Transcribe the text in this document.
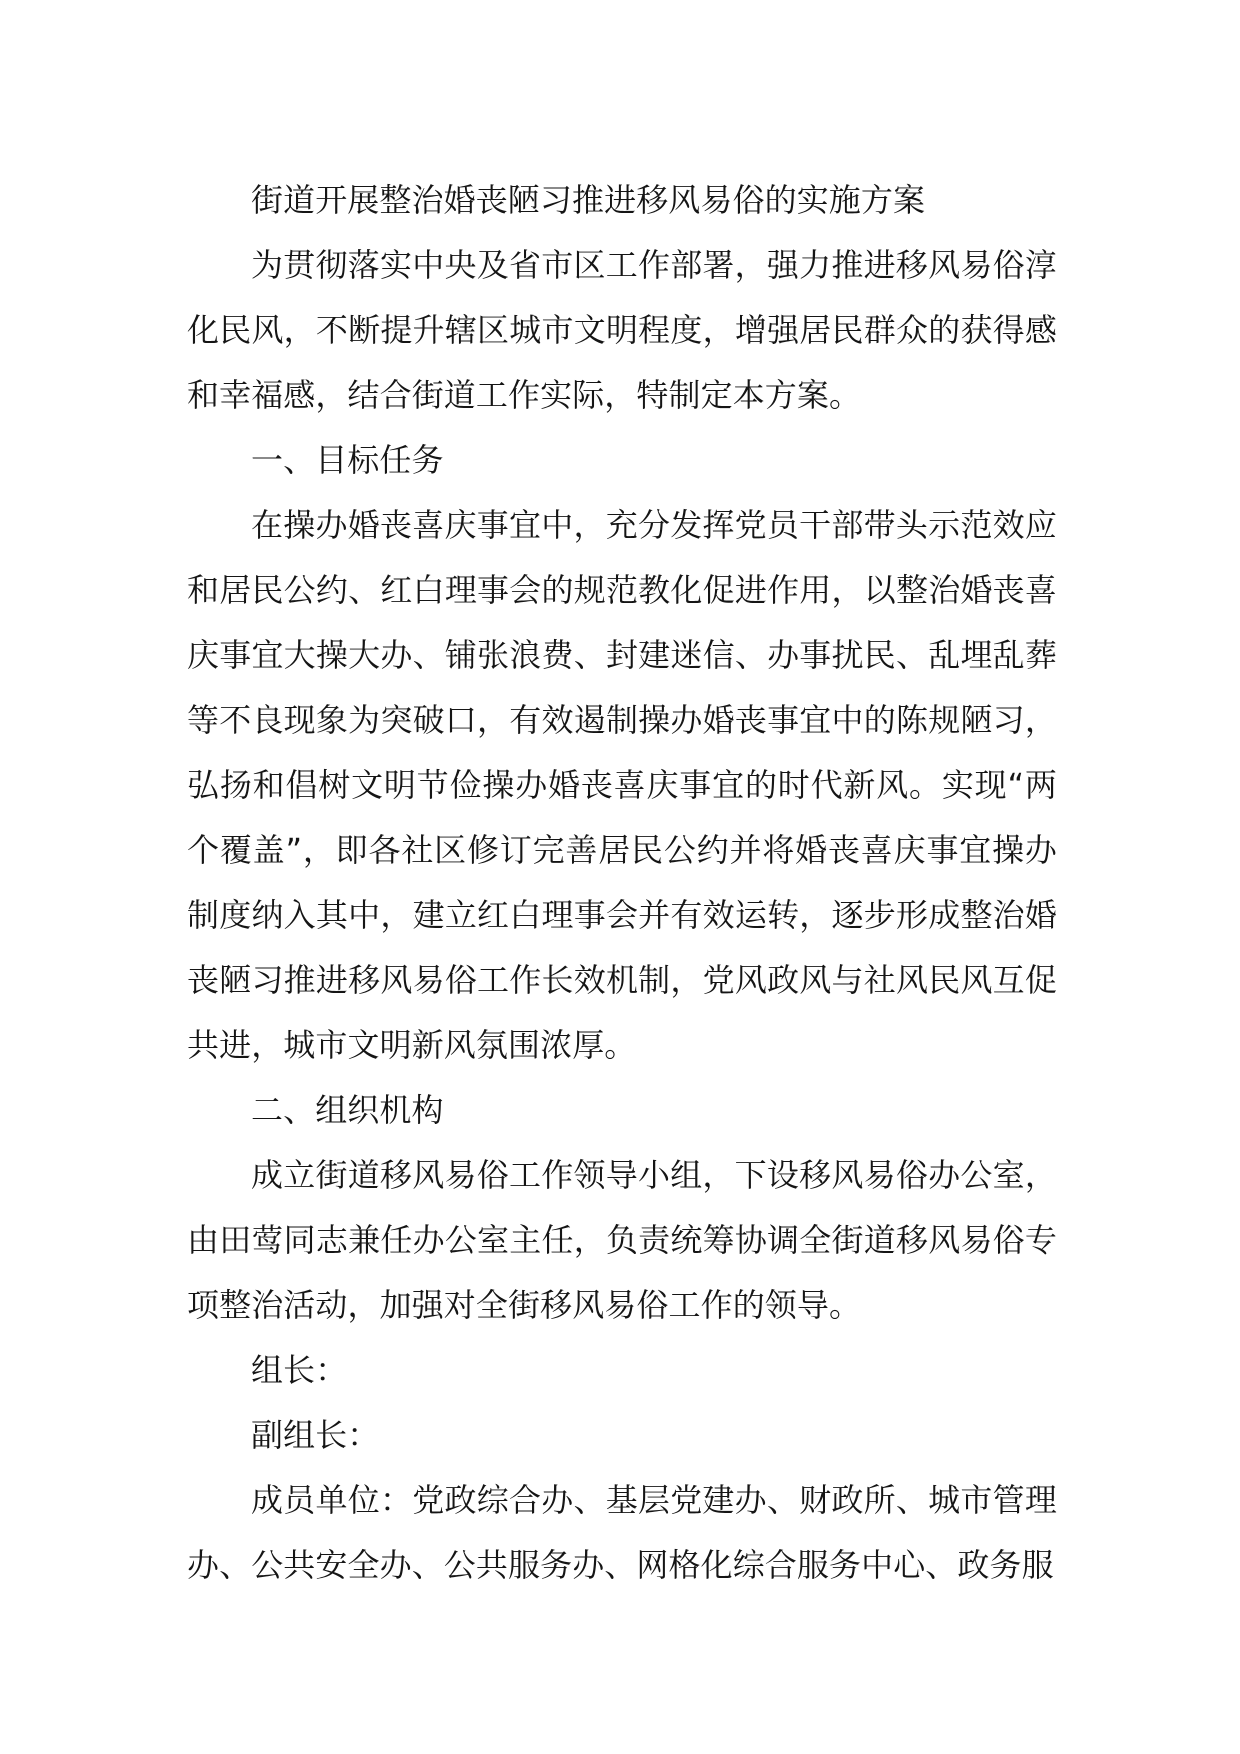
街道开展整治婚丧陋习推进移风易俗的实施方案

为贯彻落实中央及省市区工作部署，强力推进移风易俗淳化民风，不断提升辖区城市文明程度，增强居民群众的获得感和幸福感，结合街道工作实际，特制定本方案。

一、目标任务

在操办婚丧喜庆事宜中，充分发挥党员干部带头示范效应和居民公约、红白理事会的规范教化促进作用，以整治婚丧喜庆事宜大操大办、铺张浪费、封建迷信、办事扰民、乱埋乱葬等不良现象为突破口，有效遏制操办婚丧事宜中的陈规陋习，弘扬和倡树文明节俭操办婚丧喜庆事宜的时代新风。实现“两个覆盖”，即各社区修订完善居民公约并将婚丧喜庆事宜操办制度纳入其中，建立红白理事会并有效运转，逐步形成整治婚丧陋习推进移风易俗工作长效机制，党风政风与社风民风互促共进，城市文明新风氛围浓厚。

二、组织机构

成立街道移风易俗工作领导小组，下设移风易俗办公室，由田莺同志兼任办公室主任，负责统筹协调全街道移风易俗专项整治活动，加强对全街移风易俗工作的领导。

组长：

副组长：

成员单位：党政综合办、基层党建办、财政所、城市管理办、公共安全办、公共服务办、网格化综合服务中心、政务服
